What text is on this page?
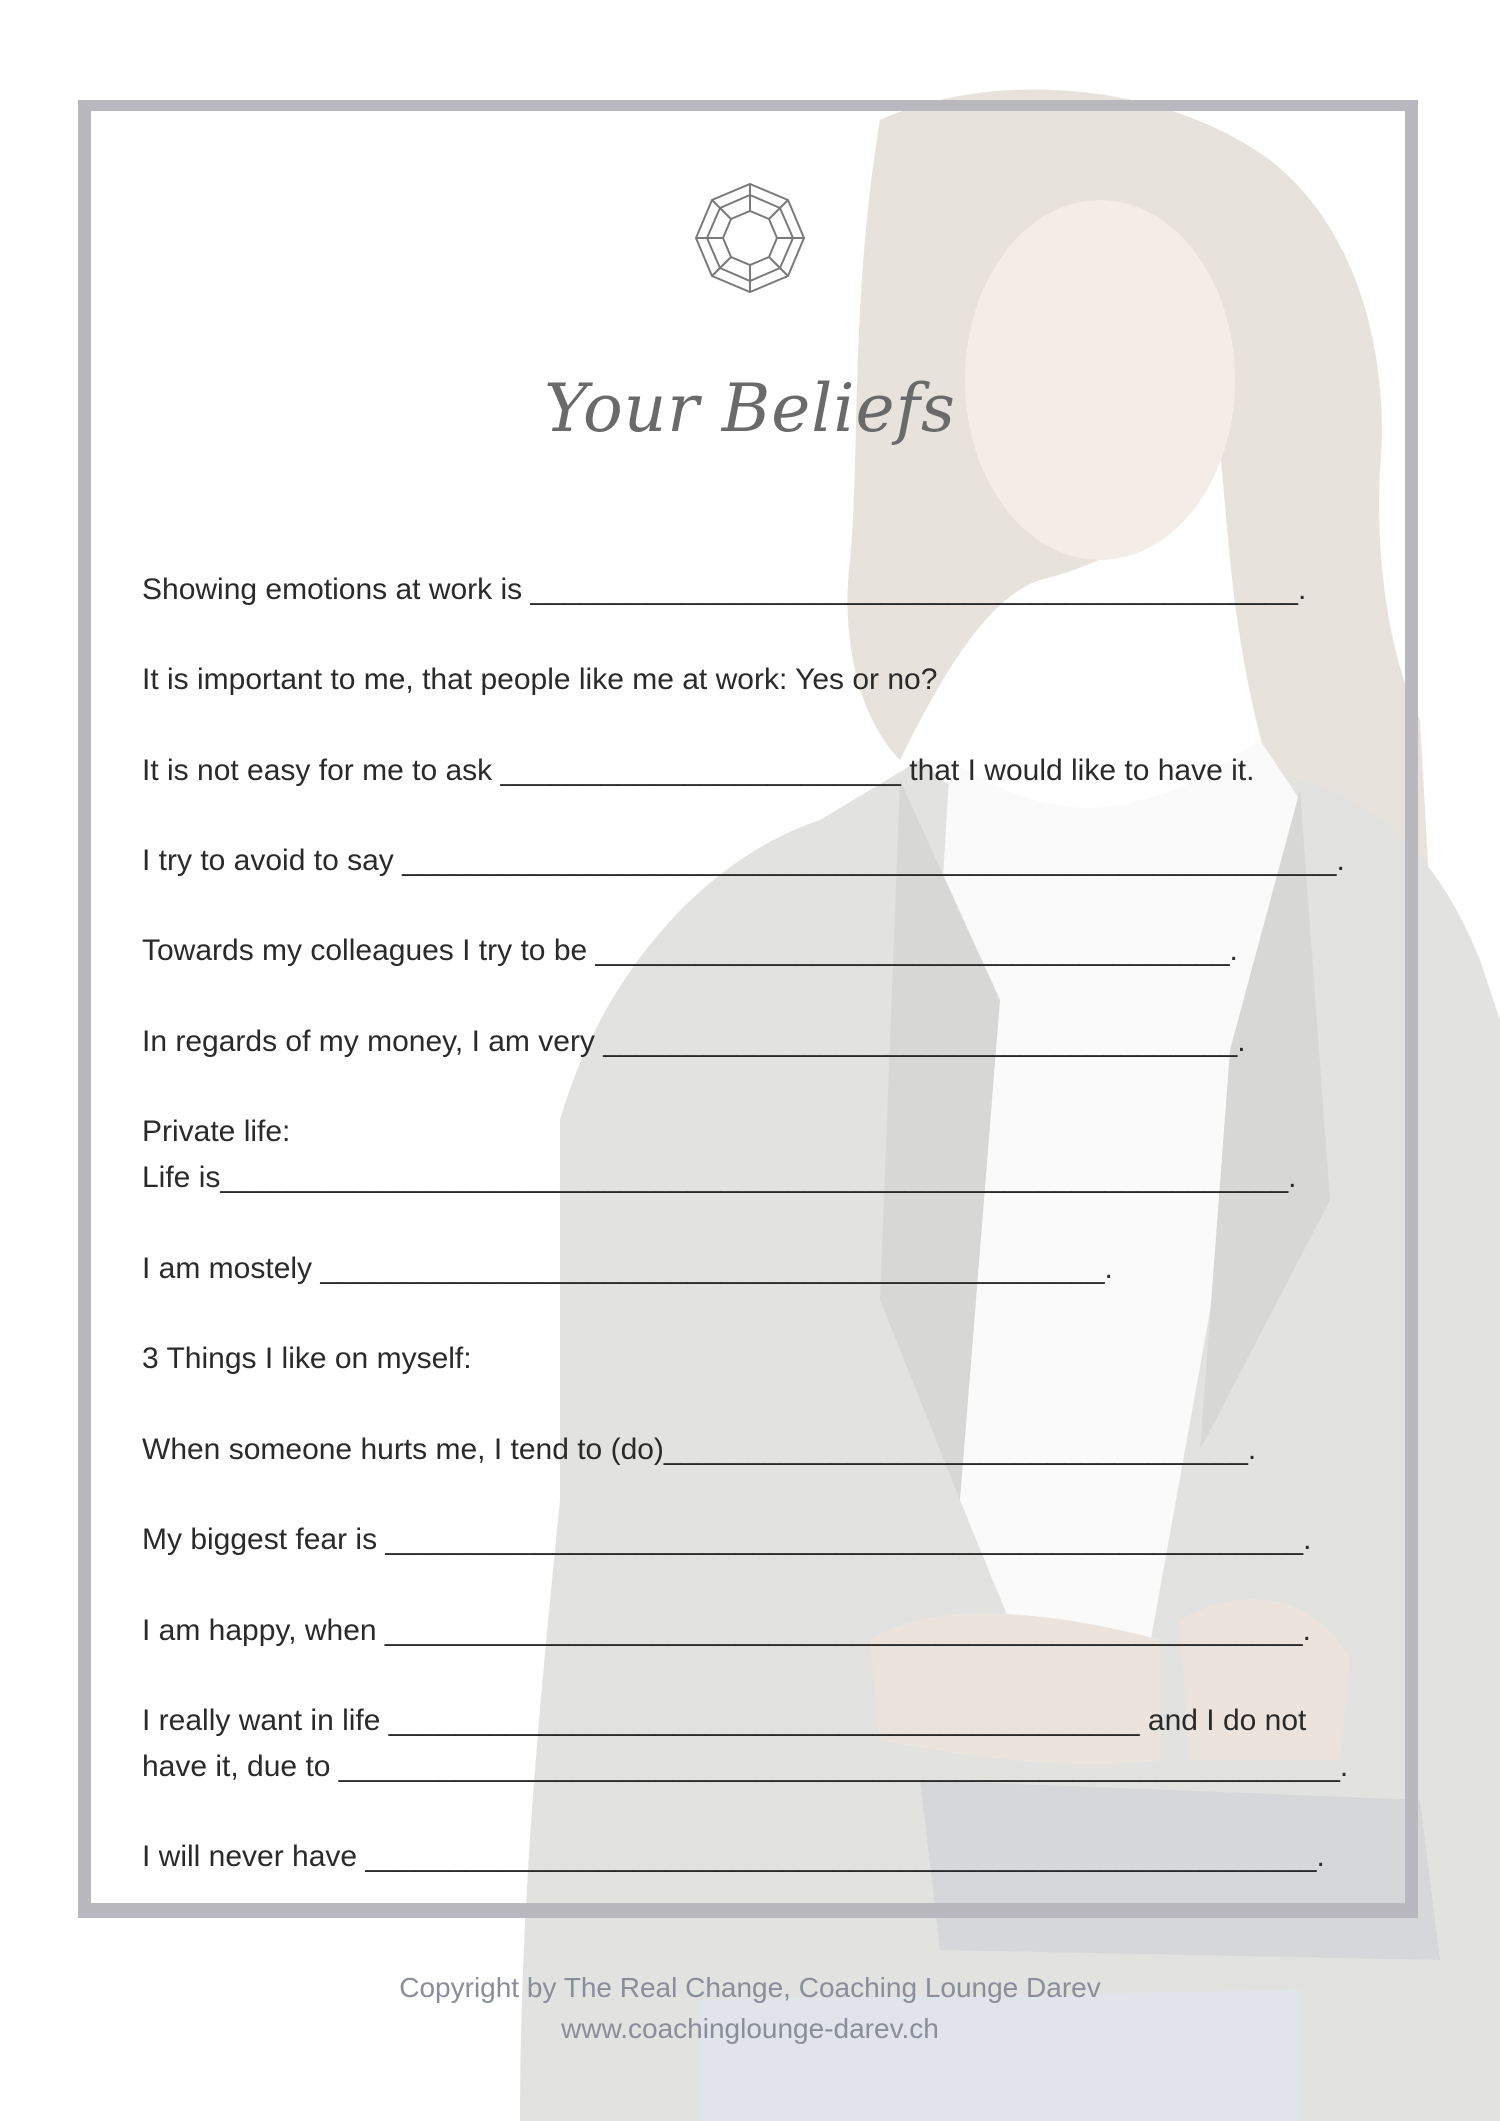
Your Beliefs

Showing emotions at work is ______________________________________________.

It is important to me, that people like me at work: Yes or no?

It is not easy for me to ask ________________________ that I would like to have it.

I try to avoid to say ________________________________________________________.

Towards my colleagues I try to be ______________________________________.

In regards of my money, I am very ______________________________________.

Private life:

Life is________________________________________________________________.

I am mostely _______________________________________________.

3 Things I like on myself:

When someone hurts me, I tend to (do)___________________________________.

My biggest fear is _______________________________________________________.

I am happy, when _______________________________________________________.

I really want in life _____________________________________________ and I do not

have it, due to ____________________________________________________________.

I will never have _________________________________________________________.

Copyright by The Real Change, Coaching Lounge Darev

www.coachinglounge-darev.ch
